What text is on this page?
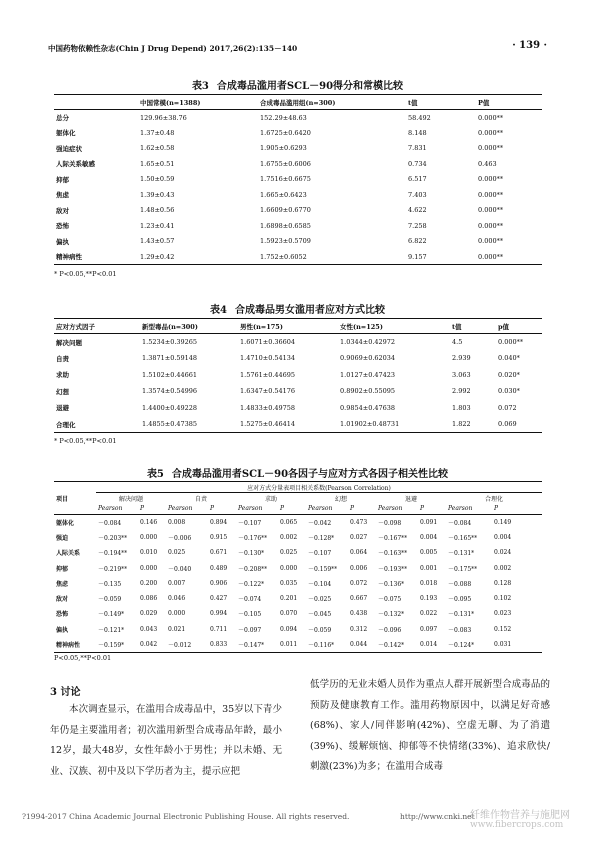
中国药物依赖性杂志(Chin J Drug Depend) 2017,26(2):135－140	· 139 ·
表3 合成毒品滥用者SCL－90得分和常模比较
	中国常模(n=1388)	合成毒品滥用组(n=300)	t值	P值
总分	129.96±38.76	152.29±48.63	58.492	0.000**
躯体化	1.37±0.48	1.6725±0.6420	8.148	0.000**
强迫症状	1.62±0.58	1.905±0.6293	7.831	0.000**
人际关系敏感	1.65±0.51	1.6755±0.6006	0.734	0.463
抑郁	1.50±0.59	1.7516±0.6675	6.517	0.000**
焦虑	1.39±0.43	1.665±0.6423	7.403	0.000**
敌对	1.48±0.56	1.6609±0.6770	4.622	0.000**
恐怖	1.23±0.41	1.6898±0.6585	7.258	0.000**
偏执	1.43±0.57	1.5923±0.5709	6.822	0.000**
精神病性	1.29±0.42	1.752±0.6052	9.157	0.000**
* P<0.05,**P<0.01
表4 合成毒品男女滥用者应对方式比较
应对方式因子	新型毒品(n=300)	男性(n=175)	女性(n=125)	t值	p值
解决问题	1.5234±0.39265	1.6071±0.36604	1.0344±0.42972	4.5	0.000**
自责	1.3871±0.59148	1.4710±0.54134	0.9069±0.62034	2.939	0.040*
求助	1.5102±0.44661	1.5761±0.44695	1.0127±0.47423	3.063	0.020*
幻想	1.3574±0.54996	1.6347±0.54176	0.8902±0.55095	2.992	0.030*
退避	1.4400±0.49228	1.4833±0.49758	0.9854±0.47638	1.803	0.072
合理化	1.4855±0.47385	1.5275±0.46414	1.01902±0.48731	1.822	0.069
* P<0.05,**P<0.01
表5 合成毒品滥用者SCL－90各因子与应对方式各因子相关性比较
项目	应对方式分量表项目相关系数(Pearson Correlation)											
	解决问题		自责		求助		幻想		退避		合理化	
	Pearson	P	Pearson	P	Pearson	P	Pearson	P	Pearson	P	Pearson	P
躯体化	－0.084	0.146	0.008	0.894	－0.107	0.065	－0.042	0.473	－0.098	0.091	－0.084	0.149
强迫	－0.203**	0.000	－0.006	0.915	－0.176**	0.002	－0.128*	0.027	－0.167**	0.004	－0.165**	0.004
人际关系	－0.194**	0.010	0.025	0.671	－0.130*	0.025	－0.107	0.064	－0.163**	0.005	－0.131*	0.024
抑郁	－0.219**	0.000	－0.040	0.489	－0.208**	0.000	－0.159**	0.006	－0.193**	0.001	－0.175**	0.002
焦虑	－0.135	0.200	0.007	0.906	－0.122*	0.035	－0.104	0.072	－0.136*	0.018	－0.088	0.128
敌对	－0.059	0.086	0.046	0.427	－0.074	0.201	－0.025	0.667	－0.075	0.193	－0.095	0.102
恐怖	－0.149*	0.029	0.000	0.994	－0.105	0.070	－0.045	0.438	－0.132*	0.022	－0.131*	0.023
偏执	－0.121*	0.043	0.021	0.711	－0.097	0.094	－0.059	0.312	－0.096	0.097	－0.083	0.152
精神病性	－0.159*	0.042	－0.012	0.833	－0.147*	0.011	－0.116*	0.044	－0.142*	0.014	－0.124*	0.031
P<0.05,**P<0.01
3 讨论

本次调查显示，在滥用合成毒品中，35岁以下青少年仍是主要滥用者；初次滥用新型合成毒品年龄，最小12岁，最大48岁，女性年龄小于男性；并以未婚、无业、汉族、初中及以下学历者为主，提示应把

低学历的无业未婚人员作为重点人群开展新型合成毒品的预防及健康教育工作。滥用药物原因中，以满足好奇感(68%)、家人/同伴影响(42%)、空虚无聊、为了消遣(39%)、缓解烦恼、抑郁等不快情绪(33%)、追求欣快/刺激(23%)为多；在滥用合成毒

?1994-2017 China Academic Journal Electronic Publishing House. All rights reserved.	http://www.cnki.net
纤维作物营养与施肥网
www.fibercrops.com
